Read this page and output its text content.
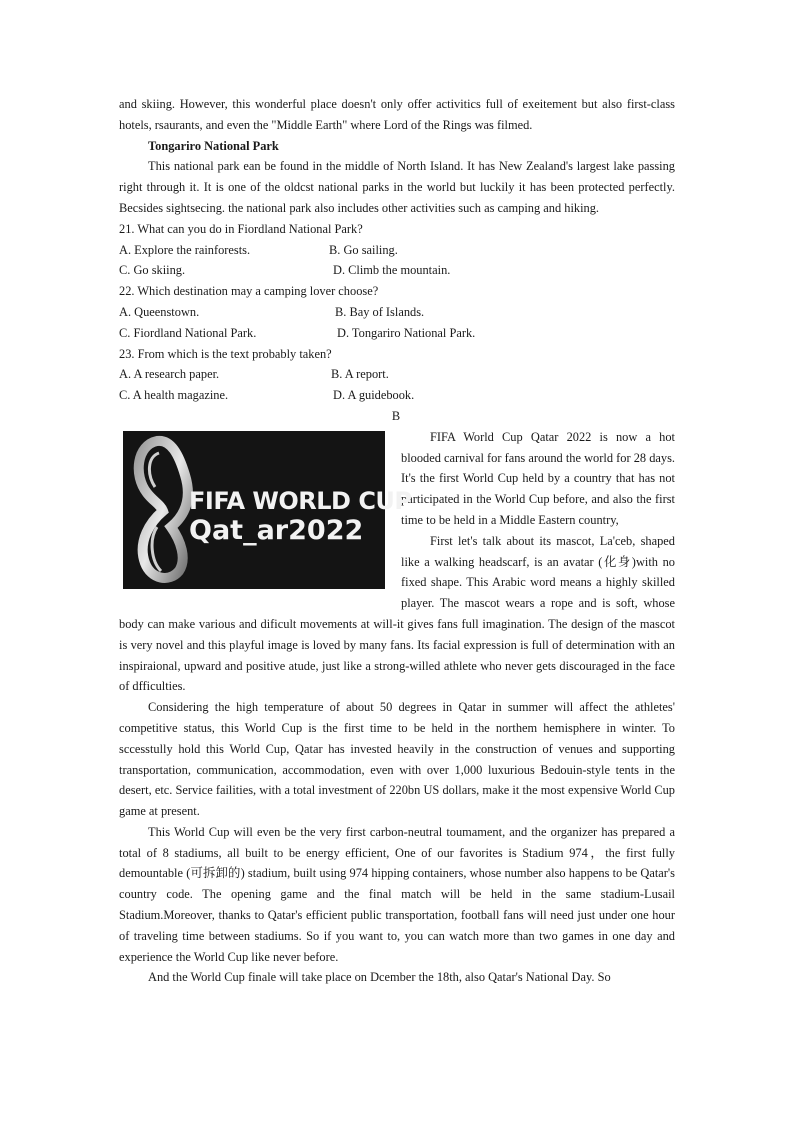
and skiing. However, this wonderful place doesn't only offer activitics full of exeitement but also first-class hotels, rsaurants, and even the "Middle Earth" where Lord of the Rings was filmed.

Tongariro National Park

This national park ean be found in the middle of North Island. It has New Zealand's largest lake passing right through it. It is one of the oldcst national parks in the world but luckily it has been protected perfectly. Becsides sightsecing. the national park also includes other activities such as camping and hiking.

21. What can you do in Fiordland National Park?

A. Explore the rainforests.	B. Go sailing.
C. Go skiing.	D. Climb the mountain.

22. Which destination may a camping lover choose?

A. Queenstown.	B. Bay of Islands.
C. Fiordland National Park.	D. Tongariro National Park.

23. From which is the text probably taken?

A. A research paper.	B. A report.
C. A health magazine.	D. A guidebook.

B

FIFA WORLD CUP
Qat_ar2022

FIFA World Cup Qatar 2022 is now a hot blooded carnival for fans around the world for 28 days. It's the first World Cup held by a country that has not participated in the World Cup before, and also the first time to be held in a Middle Eastern country,

First let's talk about its mascot, La'ceb, shaped like a walking headscarf, is an avatar (化身)with no fixed shape. This Arabic word means a highly skilled player. The mascot wears a rope and is soft, whose body can make various and dificult movements at will-it gives fans full imagination. The design of the mascot is very novel and this playful image is loved by many fans. Its facial expression is full of determination with an inspiraional, upward and positive atude, just like a strong-willed athlete who never gets discouraged in the face of dfficulties.

Considering the high temperature of about 50 degrees in Qatar in summer will affect the athletes' competitive status, this World Cup is the first time to be held in the northem hemisphere in winter. To sccesstully hold this World Cup, Qatar has invested heavily in the construction of venues and supporting transportation, communication, accommodation, even with over 1,000 luxurious Bedouin-style tents in the desert, etc. Service failities, with a total investment of 220bn US dollars, make it the most expensive World Cup game at present.

This World Cup will even be the very first carbon-neutral toumament, and the organizer has prepared a total of 8 stadiums, all built to be energy efficient, One of our favorites is Stadium 974，the first fully demountable (可拆卸的) stadium, built using 974 hipping containers, whose number also happens to be Qatar's country code. The opening game and the final match will be held in the same stadium-Lusail Stadium.Moreover, thanks to Qatar's efficient public transportation, football fans will need just under one hour of traveling time between stadiums. So if you want to, you can watch more than two games in one day and experience the World Cup like never before.

And the World Cup finale will take place on Dcember the 18th, also Qatar's National Day. So
